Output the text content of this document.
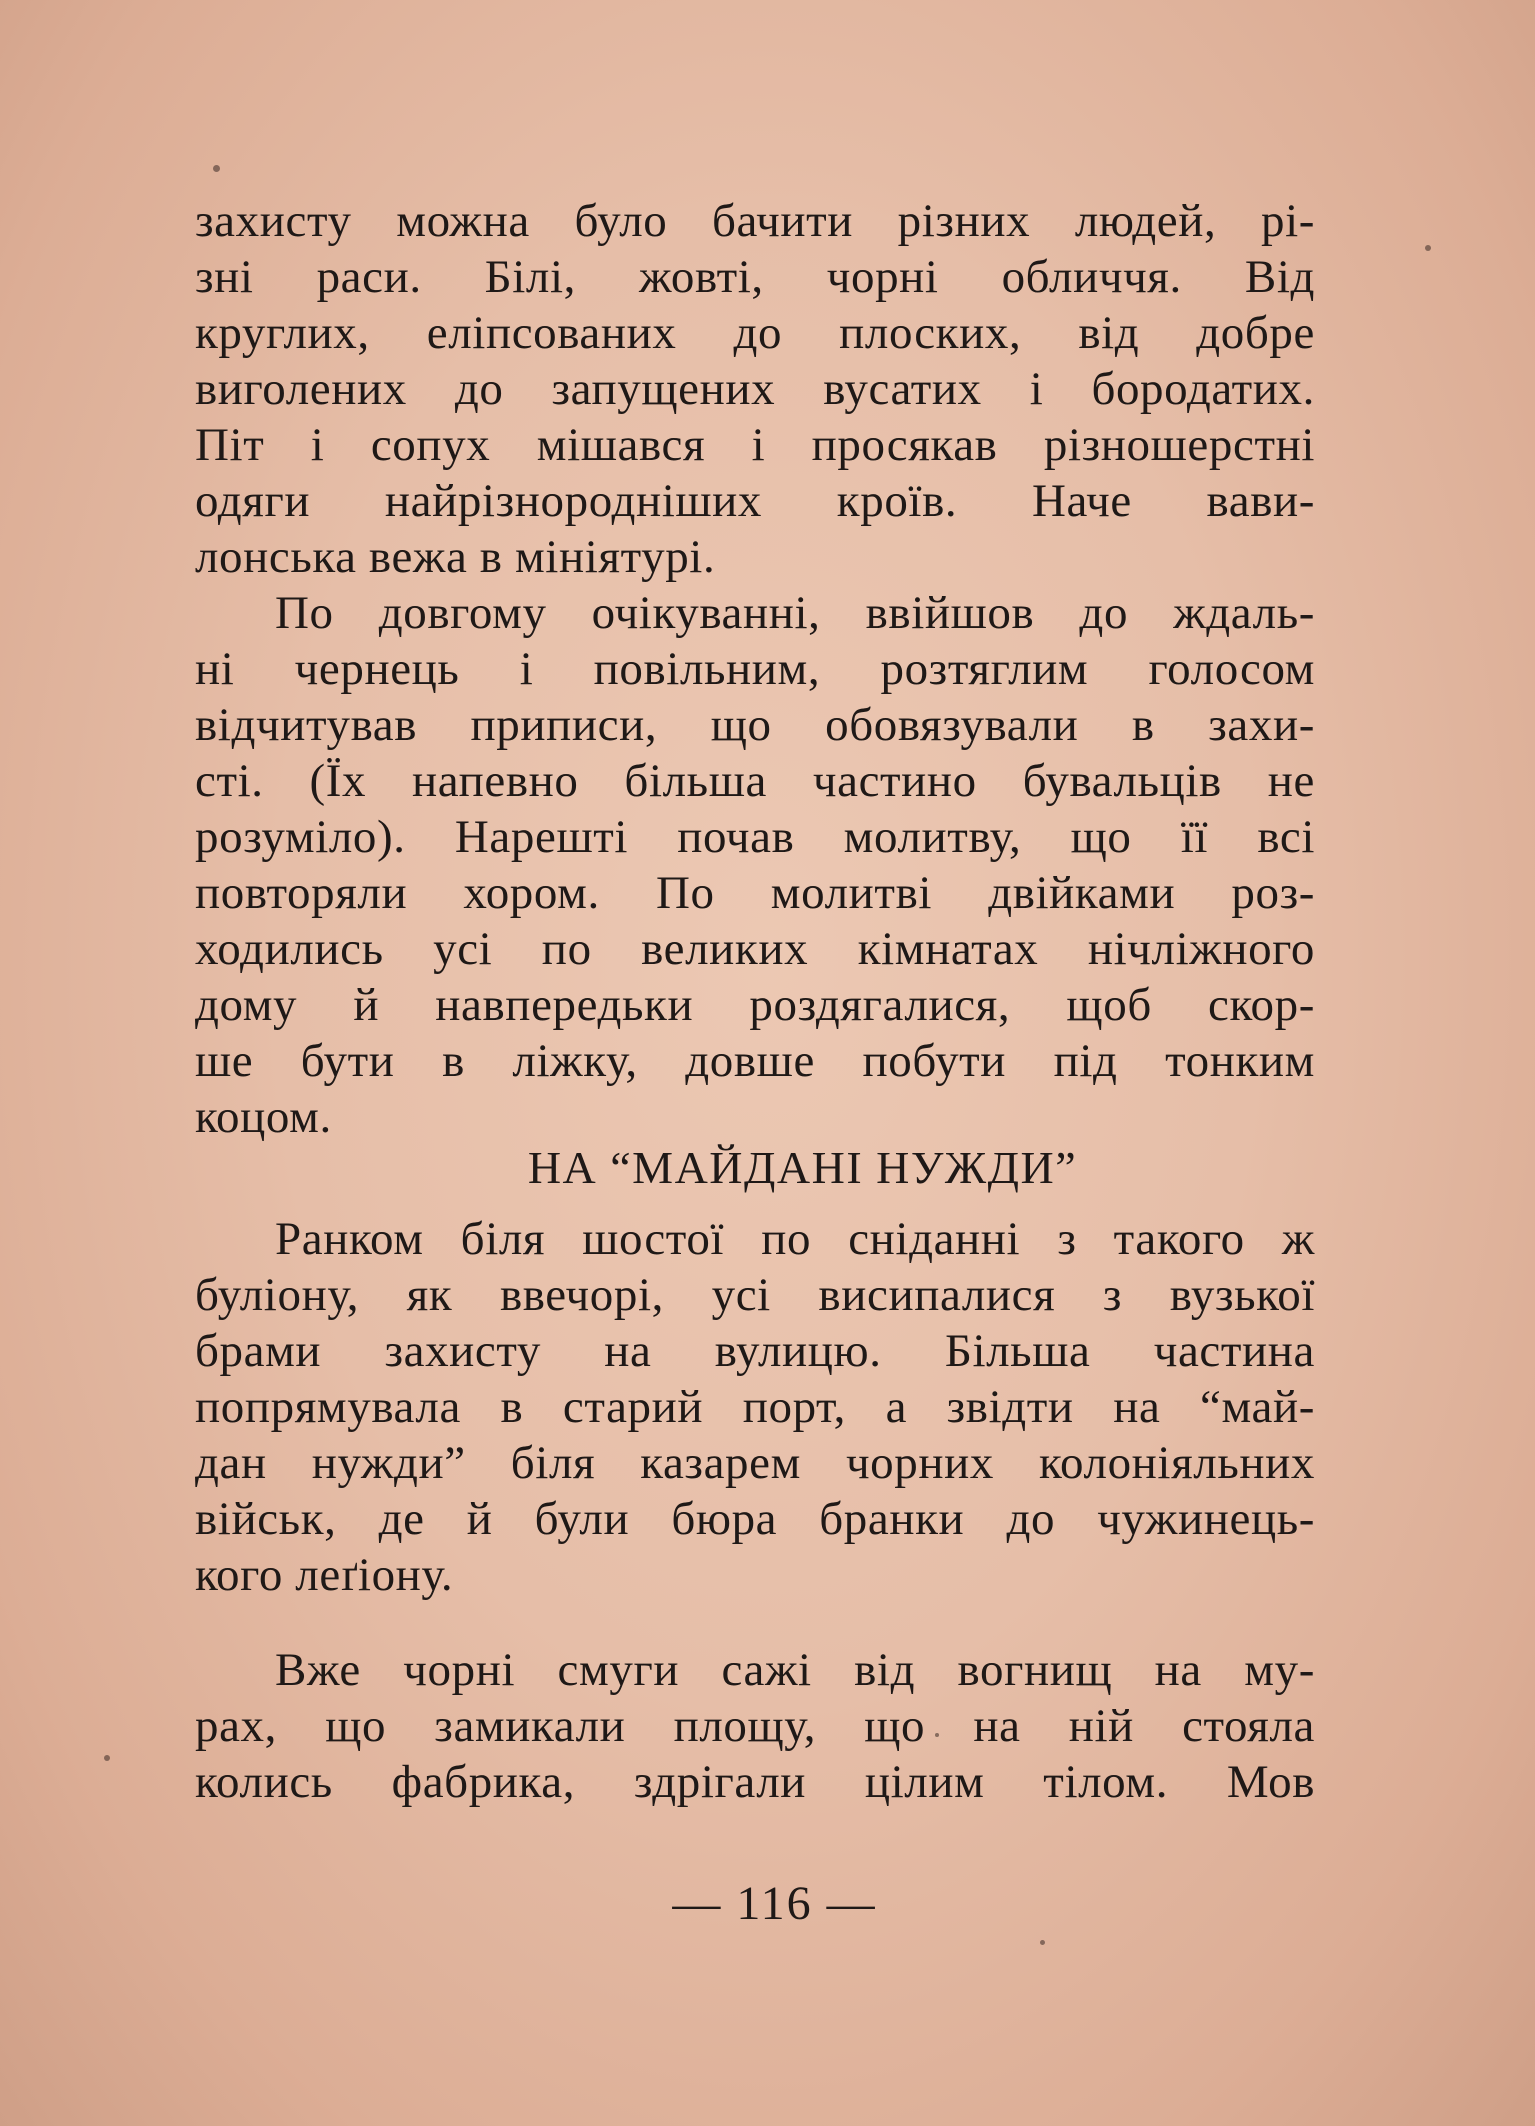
захисту можна було бачити різних людей, рі-
зні раси. Білі, жовті, чорні обличчя. Від
круглих, еліпсованих до плоских, від добре
виголених до запущених вусатих і бородатих.
Піт і сопух мішався і просякав різношерстні
одяги найрізнородніших кроїв. Наче вави-
лонська вежа в мініятурі.
По довгому очікуванні, ввійшов до ждаль-
ні чернець і повільним, розтяглим голосом
відчитував приписи, що обовязували в захи-
сті. (Їх напевно більша частино бувальців не
розуміло). Нарешті почав молитву, що її всі
повторяли хором. По молитві двійками роз-
ходились усі по великих кімнатах нічліжного
дому й навпередьки роздягалися, щоб скор-
ше бути в ліжку, довше побути під тонким
коцом.
НА “МАЙДАНІ НУЖДИ”
Ранком біля шостої по сніданні з такого ж
буліону, як ввечорі, усі висипалися з вузької
брами захисту на вулицю. Більша частина
попрямувала в старий порт, а звідти на “май-
дан нужди” біля казарем чорних колоніяльних
військ, де й були бюра бранки до чужинець-
кого леґіону.
Вже чорні смуги сажі від вогнищ на му-
рах, що замикали площу, що на ній стояла
колись фабрика, здрігали цілим тілом. Мов
— 116 —
